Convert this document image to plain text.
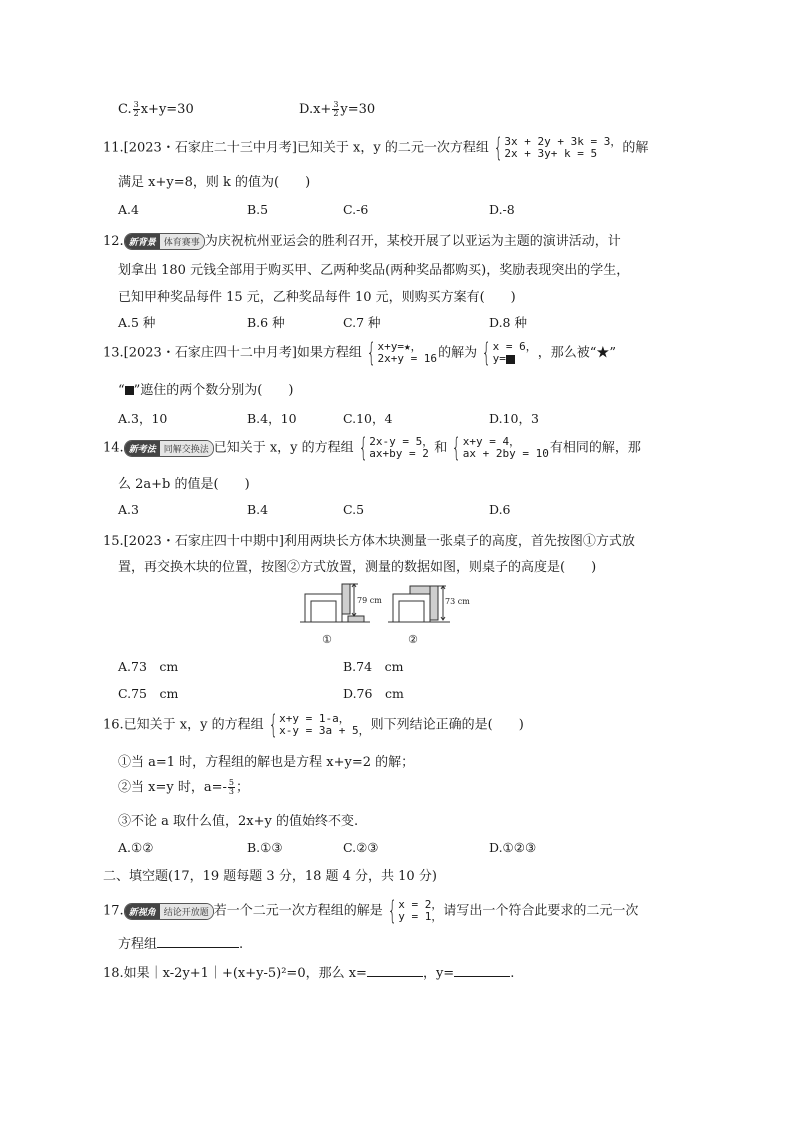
C. $\frac{3}{2} x+y=30$	$D.x+ \frac{3}{2} y=30$
11.[2023・石家庄二十三中月考]已知关于 x，y 的二元一次方程组 { 3x + 2y + 3k = 3，
2x + 3y+ k = 5	的解
满足 x+y=8，则 k 的值为(　　)
A.4	B.5	C.-6	D.-8
12. 新背景 体育赛事 为庆祝杭州亚运会的胜利召开，某校开展了以亚运为主题的演讲活动，计
划拿出 180 元钱全部用于购买甲、乙两种奖品(两种奖品都购买)，奖励表现突出的学生，
已知甲种奖品每件 15 元，乙种奖品每件 10 元，则购买方案有(　　)
A.5 种	B.6 种	C.7 种	D.8 种
13.[2023・石家庄四十二中月考]如果方程组 { x+y=★，
2x+y = 16 的解为 { x = 6，
y=	，那么被“★”
“ ”遮住的两个数分别为(　　)
A.3，10	B.4，10	C.10，4	D.10，3
14. 新考法 同解交换法 已知关于 x，y 的方程组 { 2x-y = 5，
ax+by = 2 和 { x+y = 4，
ax + 2by = 10 有相同的解，那
么 2a+b 的值是(　　)
A.3	B.4	C.5	D.6
15.[2023・石家庄四十中期中]利用两块长方体木块测量一张桌子的高度，首先按图①方式放
置，再交换木块的位置，按图②方式放置，测量的数据如图，则桌子的高度是(　　)
79 cm	73 cm
①	②
A.73　cm	B.74　cm
C.75　cm	D.76　cm
16.已知关于 x，y 的方程组 { x+y = 1-a，
x-y = 3a + 5， 则下列结论正确的是(　　)
①当 a=1 时，方程组的解也是方程 x+y=2 的解；
②当 x=y 时，$a=- \frac{5}{3}$ ；
③不论 a 取什么值，2x+y 的值始终不变.
A.①②	B.①③	C.②③	D.①②③
二、填空题(17，19 题每题 3 分，18 题 4 分，共 10 分)
17. 新视角 结论开放题 若一个二元一次方程组的解是 { x = 2，
y = 1， 请写出一个符合此要求的二元一次
方程组	.
18.如果｜x-2y+1｜+(x+y-5)²=0，那么 x=	，y=	.
